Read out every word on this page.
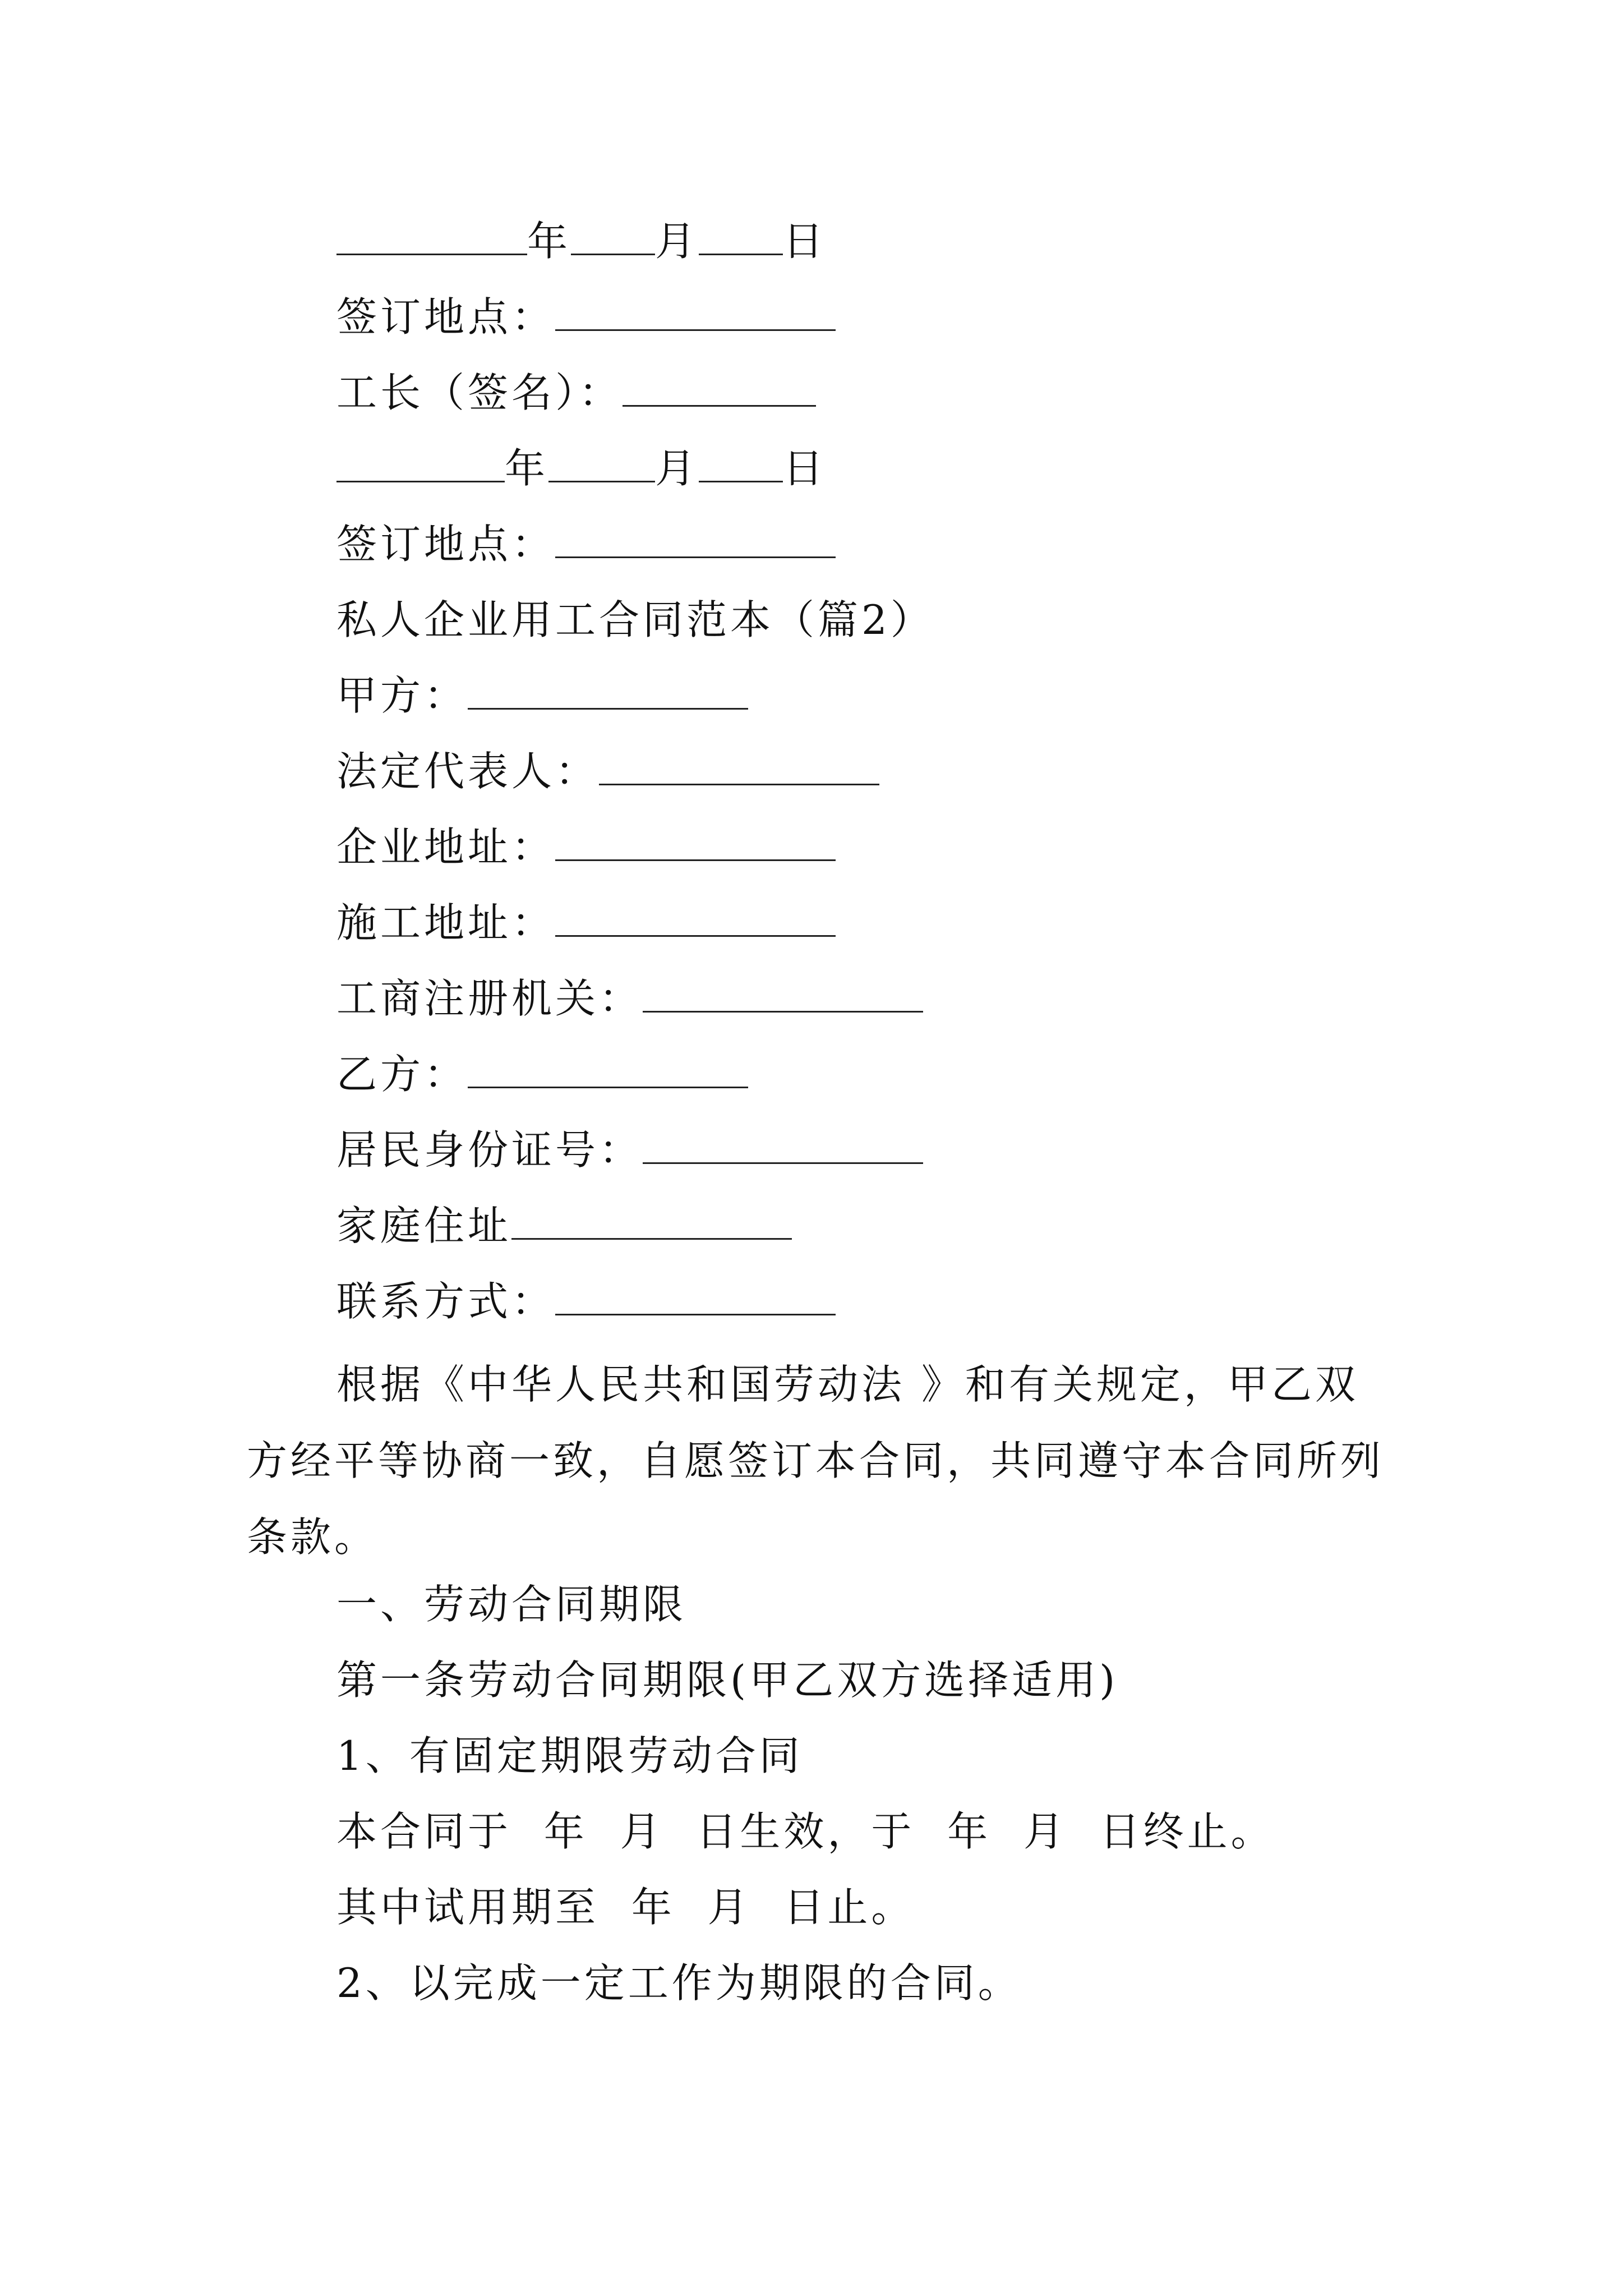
年 月 日
签订地点：
工长（签名）：
年	月 日
签订地点：
私人企业用工合同范本（篇2）
甲方：
法定代表人：
企业地址：
施工地址：
工商注册机关：
乙方：
居民身份证号：
家庭住址
联系方式：

根据《中华人民共和国劳动法 》和有关规定，甲乙双方经平等协商一致，自愿签订本合同，共同遵守本合同所列条款。

一、劳动合同期限
第一条劳动合同期限(甲乙双方选择适用)
1、有固定期限劳动合同
本合同于  年  月  日生效，于  年  月  日终止。
其中试用期至  年  月  日止。
2、以完成一定工作为期限的合同。
